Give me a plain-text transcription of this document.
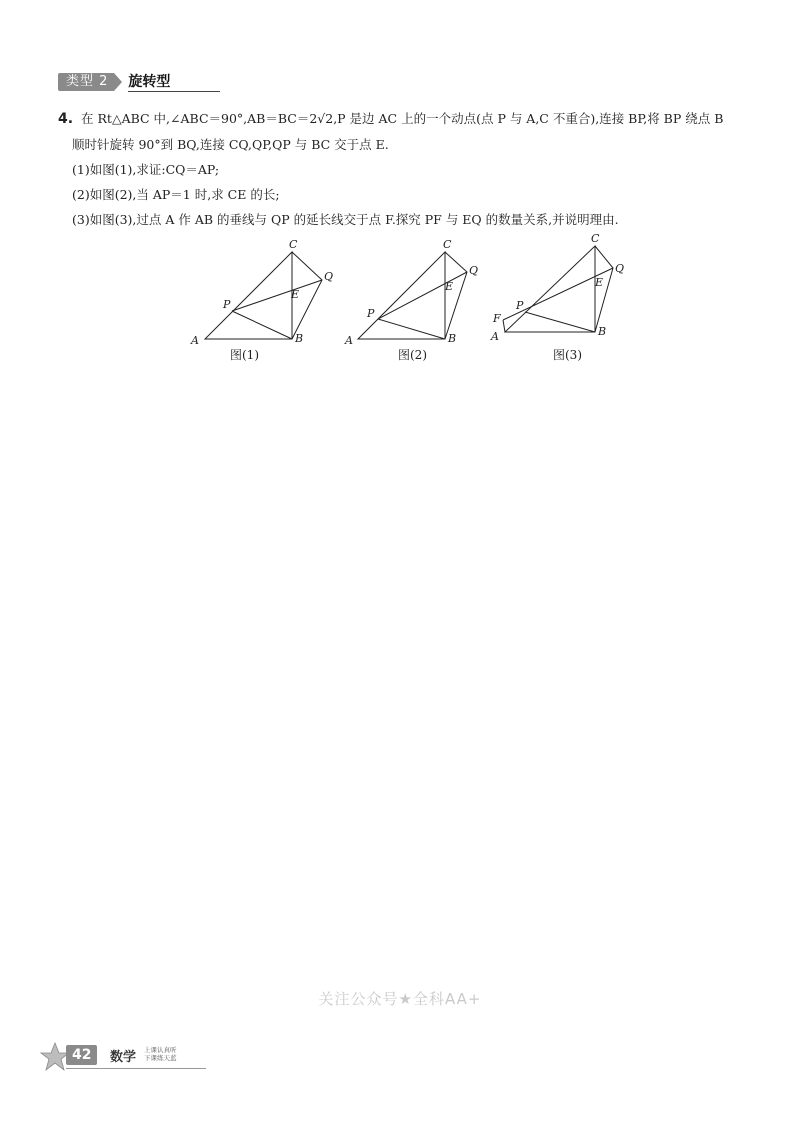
类型 2	旋转型

4. 在 Rt△ABC 中,∠ABC＝90°,AB＝BC＝2√2,P 是边 AC 上的一个动点(点 P 与 A,C 不重合),连接 BP,将 BP 绕点 B

顺时针旋转 90°到 BQ,连接 CQ,QP,QP 与 BC 交于点 E.

(1)如图(1),求证:CQ＝AP;

(2)如图(2),当 AP＝1 时,求 CE 的长;

(3)如图(3),过点 A 作 AB 的垂线与 QP 的延长线交于点 F.探究 PF 与 EQ 的数量关系,并说明理由.

A	B
C
P
Q
E
A	B
C
P
Q
E
A	B
C
P
Q
E
F
图(1)	图(2)	图(3)
关注公众号★全科AA+
42	数学 上课认真听
下课练天蓝
